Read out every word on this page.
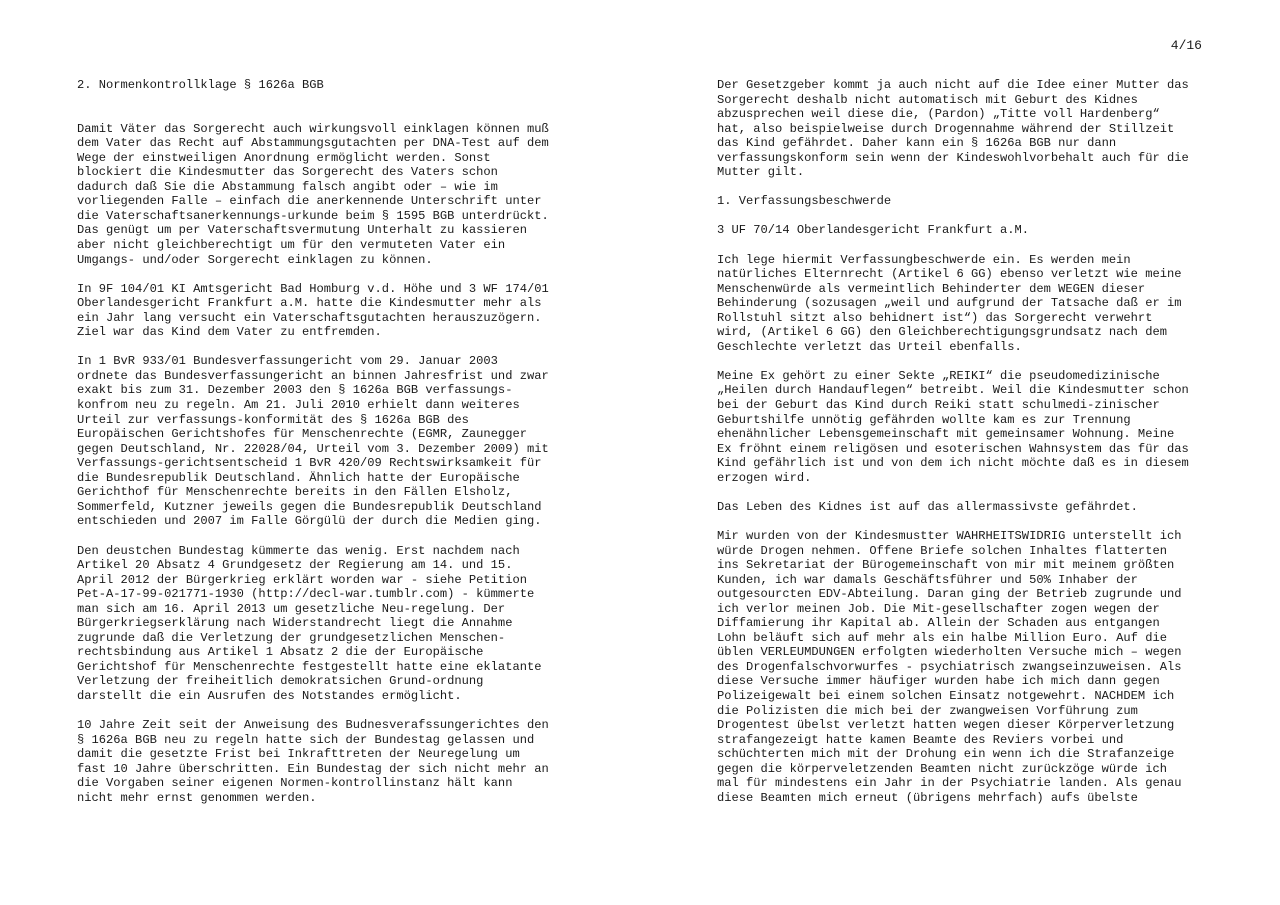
4/16
2. Normenkontrollklage § 1626a BGB
Damit Väter das Sorgerecht auch wirkungsvoll einklagen können muß
dem Vater das Recht auf Abstammungsgutachten per DNA-Test auf dem
Wege der einstweiligen Anordnung ermöglicht werden. Sonst
blockiert die Kindesmutter das Sorgerecht des Vaters schon
dadurch daß Sie die Abstammung falsch angibt oder – wie im
vorliegenden Falle – einfach die anerkennende Unterschrift unter
die Vaterschaftsanerkennungs-urkunde beim § 1595 BGB unterdrückt.
Das genügt um per Vaterschaftsvermutung Unterhalt zu kassieren
aber nicht gleichberechtigt um für den vermuteten Vater ein
Umgangs- und/oder Sorgerecht einklagen zu können.
In 9F 104/01 KI Amtsgericht Bad Homburg v.d. Höhe und 3 WF 174/01
Oberlandesgericht Frankfurt a.M. hatte die Kindesmutter mehr als
ein Jahr lang versucht ein Vaterschaftsgutachten herauszuzögern.
Ziel war das Kind dem Vater zu entfremden.
In 1 BvR 933/01 Bundesverfassungericht vom 29. Januar 2003
ordnete das Bundesverfassungericht an binnen Jahresfrist und zwar
exakt bis zum 31. Dezember 2003 den § 1626a BGB verfassungs-
konfrom neu zu regeln. Am 21. Juli 2010 erhielt dann weiteres
Urteil zur verfassungs-konformität des § 1626a BGB des
Europäischen Gerichtshofes für Menschenrechte (EGMR, Zaunegger
gegen Deutschland, Nr. 22028/04, Urteil vom 3. Dezember 2009) mit
Verfassungs-gerichtsentscheid 1 BvR 420/09 Rechtswirksamkeit für
die Bundesrepublik Deutschland. Ähnlich hatte der Europäische
Gerichthof für Menschenrechte bereits in den Fällen Elsholz,
Sommerfeld, Kutzner jeweils gegen die Bundesrepublik Deutschland
entschieden und 2007 im Falle Görgülü der durch die Medien ging.
Den deustchen Bundestag kümmerte das wenig. Erst nachdem nach
Artikel 20 Absatz 4 Grundgesetz der Regierung am 14. und 15.
April 2012 der Bürgerkrieg erklärt worden war - siehe Petition
Pet-A-17-99-021771-1930 (http://decl-war.tumblr.com) - kümmerte
man sich am 16. April 2013 um gesetzliche Neu-regelung. Der
Bürgerkriegserklärung nach Widerstandrecht liegt die Annahme
zugrunde daß die Verletzung der grundgesetzlichen Menschen-
rechtsbindung aus Artikel 1 Absatz 2 die der Europäische
Gerichtshof für Menschenrechte festgestellt hatte eine eklatante
Verletzung der freiheitlich demokratsichen Grund-ordnung
darstellt die ein Ausrufen des Notstandes ermöglicht.
10 Jahre Zeit seit der Anweisung des Budnesverafssungerichtes den
§ 1626a BGB neu zu regeln hatte sich der Bundestag gelassen und
damit die gesetzte Frist bei Inkrafttreten der Neuregelung um
fast 10 Jahre überschritten. Ein Bundestag der sich nicht mehr an
die Vorgaben seiner eigenen Normen-kontrollinstanz hält kann
nicht mehr ernst genommen werden.
Der Gesetzgeber kommt ja auch nicht auf die Idee einer Mutter das
Sorgerecht deshalb nicht automatisch mit Geburt des Kidnes
abzusprechen weil diese die, (Pardon) „Titte voll Hardenberg“
hat, also beispielweise durch Drogennahme während der Stillzeit
das Kind gefährdet. Daher kann ein § 1626a BGB nur dann
verfassungskonform sein wenn der Kindeswohlvorbehalt auch für die
Mutter gilt.
1. Verfassungsbeschwerde
3 UF 70/14 Oberlandesgericht Frankfurt a.M.
Ich lege hiermit Verfassungbeschwerde ein. Es werden mein
natürliches Elternrecht (Artikel 6 GG) ebenso verletzt wie meine
Menschenwürde als vermeintlich Behinderter dem WEGEN dieser
Behinderung (sozusagen „weil und aufgrund der Tatsache daß er im
Rollstuhl sitzt also behidnert ist“) das Sorgerecht verwehrt
wird, (Artikel 6 GG) den Gleichberechtigungsgrundsatz nach dem
Geschlechte verletzt das Urteil ebenfalls.
Meine Ex gehört zu einer Sekte „REIKI“ die pseudomedizinische
„Heilen durch Handauflegen“ betreibt. Weil die Kindesmutter schon
bei der Geburt das Kind durch Reiki statt schulmedi-zinischer
Geburtshilfe unnötig gefährden wollte kam es zur Trennung
ehenähnlicher Lebensgemeinschaft mit gemeinsamer Wohnung. Meine
Ex fröhnt einem religösen und esoterischen Wahnsystem das für das
Kind gefährlich ist und von dem ich nicht möchte daß es in diesem
erzogen wird.
Das Leben des Kidnes ist auf das allermassivste gefährdet.
Mir wurden von der Kindesmustter WAHRHEITSWIDRIG unterstellt ich
würde Drogen nehmen. Offene Briefe solchen Inhaltes flatterten
ins Sekretariat der Bürogemeinschaft von mir mit meinem größten
Kunden, ich war damals Geschäftsführer und 50% Inhaber der
outgesourcten EDV-Abteilung. Daran ging der Betrieb zugrunde und
ich verlor meinen Job. Die Mit-gesellschafter zogen wegen der
Diffamierung ihr Kapital ab. Allein der Schaden aus entgangen
Lohn beläuft sich auf mehr als ein halbe Million Euro. Auf die
üblen VERLEUMDUNGEN erfolgten wiederholten Versuche mich – wegen
des Drogenfalschvorwurfes - psychiatrisch zwangseinzuweisen. Als
diese Versuche immer häufiger wurden habe ich mich dann gegen
Polizeigewalt bei einem solchen Einsatz notgewehrt. NACHDEM ich
die Polizisten die mich bei der zwangweisen Vorführung zum
Drogentest übelst verletzt hatten wegen dieser Körperverletzung
strafangezeigt hatte kamen Beamte des Reviers vorbei und
schüchterten mich mit der Drohung ein wenn ich die Strafanzeige
gegen die körperveletzenden Beamten nicht zurückzöge würde ich
mal für mindestens ein Jahr in der Psychiatrie landen. Als genau
diese Beamten mich erneut (übrigens mehrfach) aufs übelste
